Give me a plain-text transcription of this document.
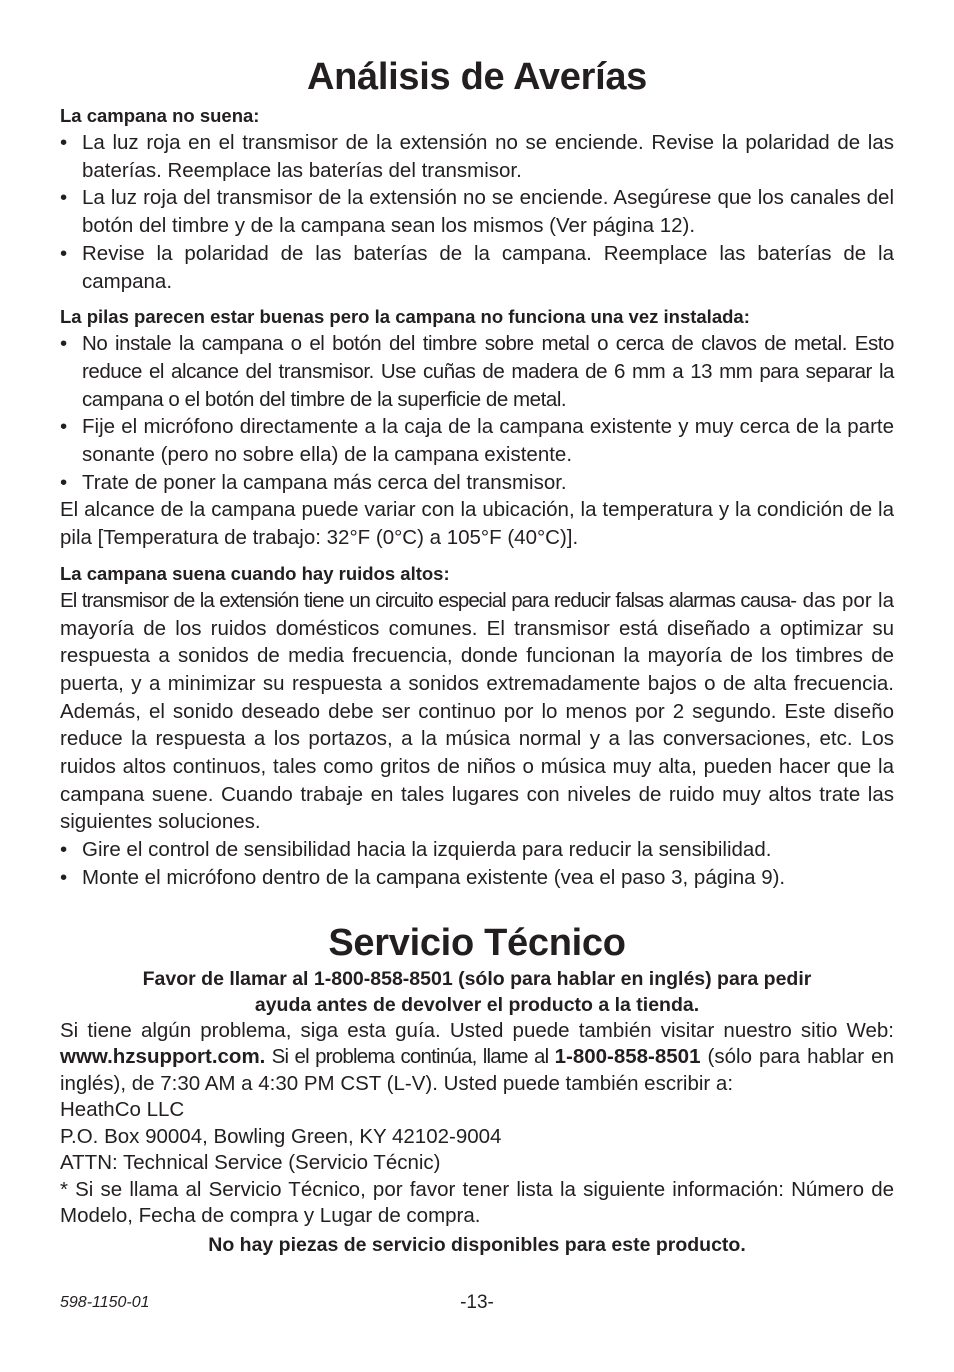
Análisis de Averías

La campana no suena:

• La luz roja en el transmisor de la extensión no se enciende. Revise la polaridad de las baterías. Reemplace las baterías del transmisor.
• La luz roja del transmisor de la extensión no se enciende. Asegúrese que los canales del botón del timbre y de la campana sean los mismos (Ver página 12).
• Revise la polaridad de las baterías de la campana. Reemplace las baterías de la campana.

La pilas parecen estar buenas pero la campana no funciona una vez instalada:

• No instale la campana o el botón del timbre sobre metal o cerca de clavos de metal. Esto reduce el alcance del transmisor. Use cuñas de madera de 6 mm a 13 mm para separar la campana o el botón del timbre de la superficie de metal.
• Fije el micrófono directamente a la caja de la campana existente y muy cerca de la parte sonante (pero no sobre ella) de la campana existente.
• Trate de poner la campana más cerca del transmisor.

El alcance de la campana puede variar con la ubicación, la temperatura y la condición de la pila [Temperatura de trabajo: 32°F (0°C) a 105°F (40°C)].

La campana suena cuando hay ruidos altos:

El transmisor de la extensión tiene un circuito especial para reducir falsas alarmas causa- das por la mayoría de los ruidos domésticos comunes. El transmisor está diseñado a optimizar su respuesta a sonidos de media frecuencia, donde funcionan la mayoría de los timbres de puerta, y a minimizar su respuesta a sonidos extremadamente bajos o de alta frecuencia. Además, el sonido deseado debe ser continuo por lo menos por 2 segundo. Este diseño reduce la respuesta a los portazos, a la música normal y a las conversaciones, etc. Los ruidos altos continuos, tales como gritos de niños o música muy alta, pueden hacer que la campana suene. Cuando trabaje en tales lugares con niveles de ruido muy altos trate las siguientes soluciones.

• Gire el control de sensibilidad hacia la izquierda para reducir la sensibilidad.
• Monte el micrófono dentro de la campana existente (vea el paso 3, página 9).
Servicio Técnico

Favor de llamar al 1-800-858-8501 (sólo para hablar en inglés) para pedir

ayuda antes de devolver el producto a la tienda.

Si tiene algún problema, siga esta guía. Usted puede también visitar nuestro sitio Web: www.hzsupport.com. Si el problema continúa, llame al 1-800-858-8501 (sólo para hablar en inglés), de 7:30 AM a 4:30 PM CST (L-V). Usted puede también escribir a:

HeathCo LLC

P.O. Box 90004, Bowling Green, KY 42102-9004

ATTN: Technical Service (Servicio Técnic)

* Si se llama al Servicio Técnico, por favor tener lista la siguiente información: Número de Modelo, Fecha de compra y Lugar de compra.

No hay piezas de servicio disponibles para este producto.

598-1150-01	-13-
